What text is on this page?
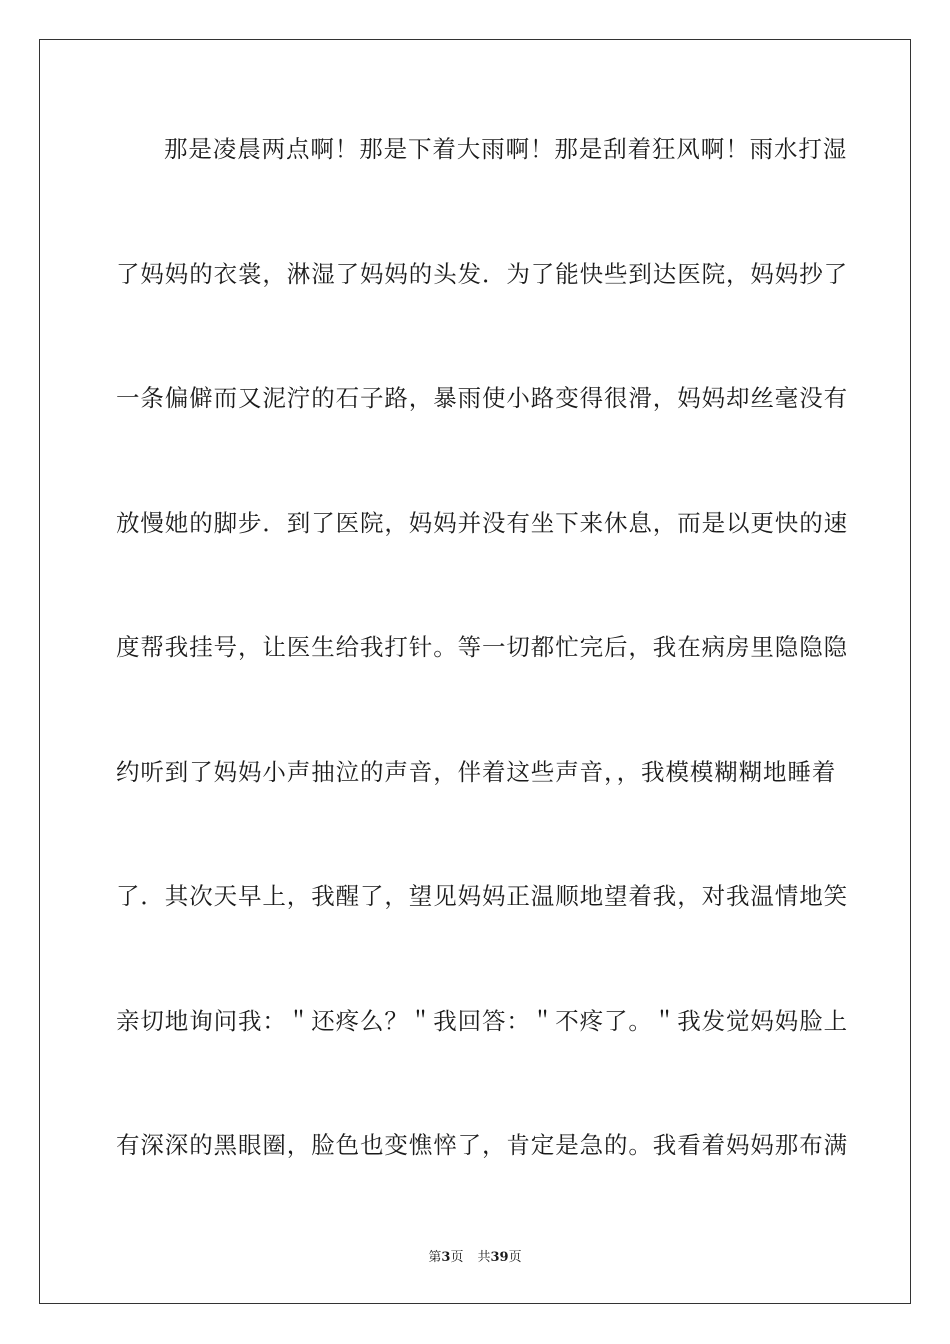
那是凌晨两点啊！那是下着大雨啊！那是刮着狂风啊！雨水打湿
了妈妈的衣裳，淋湿了妈妈的头发．为了能快些到达医院，妈妈抄了
一条偏僻而又泥泞的石子路，暴雨使小路变得很滑，妈妈却丝毫没有
放慢她的脚步．到了医院，妈妈并没有坐下来休息，而是以更快的速
度帮我挂号，让医生给我打针。等一切都忙完后，我在病房里隐隐隐
约听到了妈妈小声抽泣的声音，伴着这些声音，，我模模糊糊地睡着
了．其次天早上，我醒了，望见妈妈正温顺地望着我，对我温情地笑
亲切地询问我：＂还疼么？＂我回答：＂不疼了。＂我发觉妈妈脸上
有深深的黑眼圈，脸色也变憔悴了，肯定是急的。我看着妈妈那布满
第3页 共39页
